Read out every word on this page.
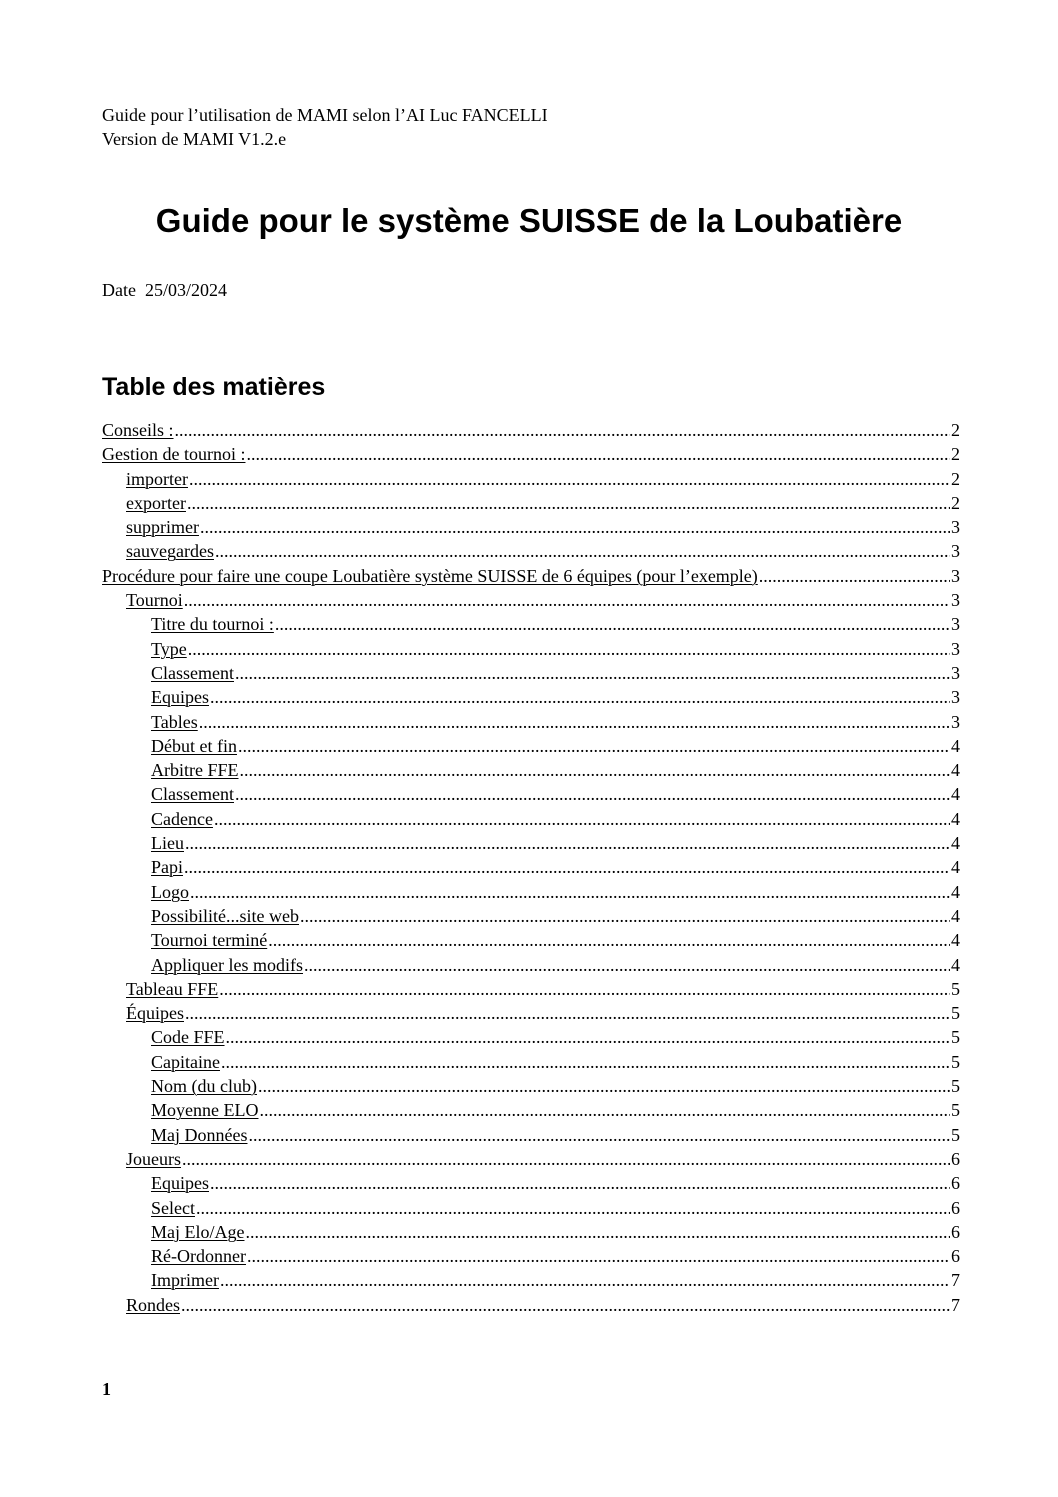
Guide pour l’utilisation de MAMI selon l’AI Luc FANCELLI
Version de MAMI V1.2.e
Guide pour le système SUISSE de la Loubatière
Date  25/03/2024
Table des matières
Conseils : .....	2
Gestion de tournoi : .....	2
importer .....	2
exporter .....	2
supprimer .....	3
sauvegardes .....	3
Procédure pour faire une coupe Loubatière système SUISSE de 6 équipes (pour l’exemple) .....	3
Tournoi .....	3
Titre du tournoi : .....	3
Type .....	3
Classement .....	3
Equipes .....	3
Tables .....	3
Début et fin .....	4
Arbitre FFE .....	4
Classement .....	4
Cadence .....	4
Lieu .....	4
Papi .....	4
Logo .....	4
Possibilité...site web .....	4
Tournoi terminé .....	4
Appliquer les modifs .....	4
Tableau FFE .....	5
Équipes .....	5
Code FFE .....	5
Capitaine .....	5
Nom (du club) .....	5
Moyenne ELO .....	5
Maj Données .....	5
Joueurs .....	6
Equipes .....	6
Select .....	6
Maj Elo/Age .....	6
Ré-Ordonner .....	6
Imprimer .....	7
Rondes .....	7
1
